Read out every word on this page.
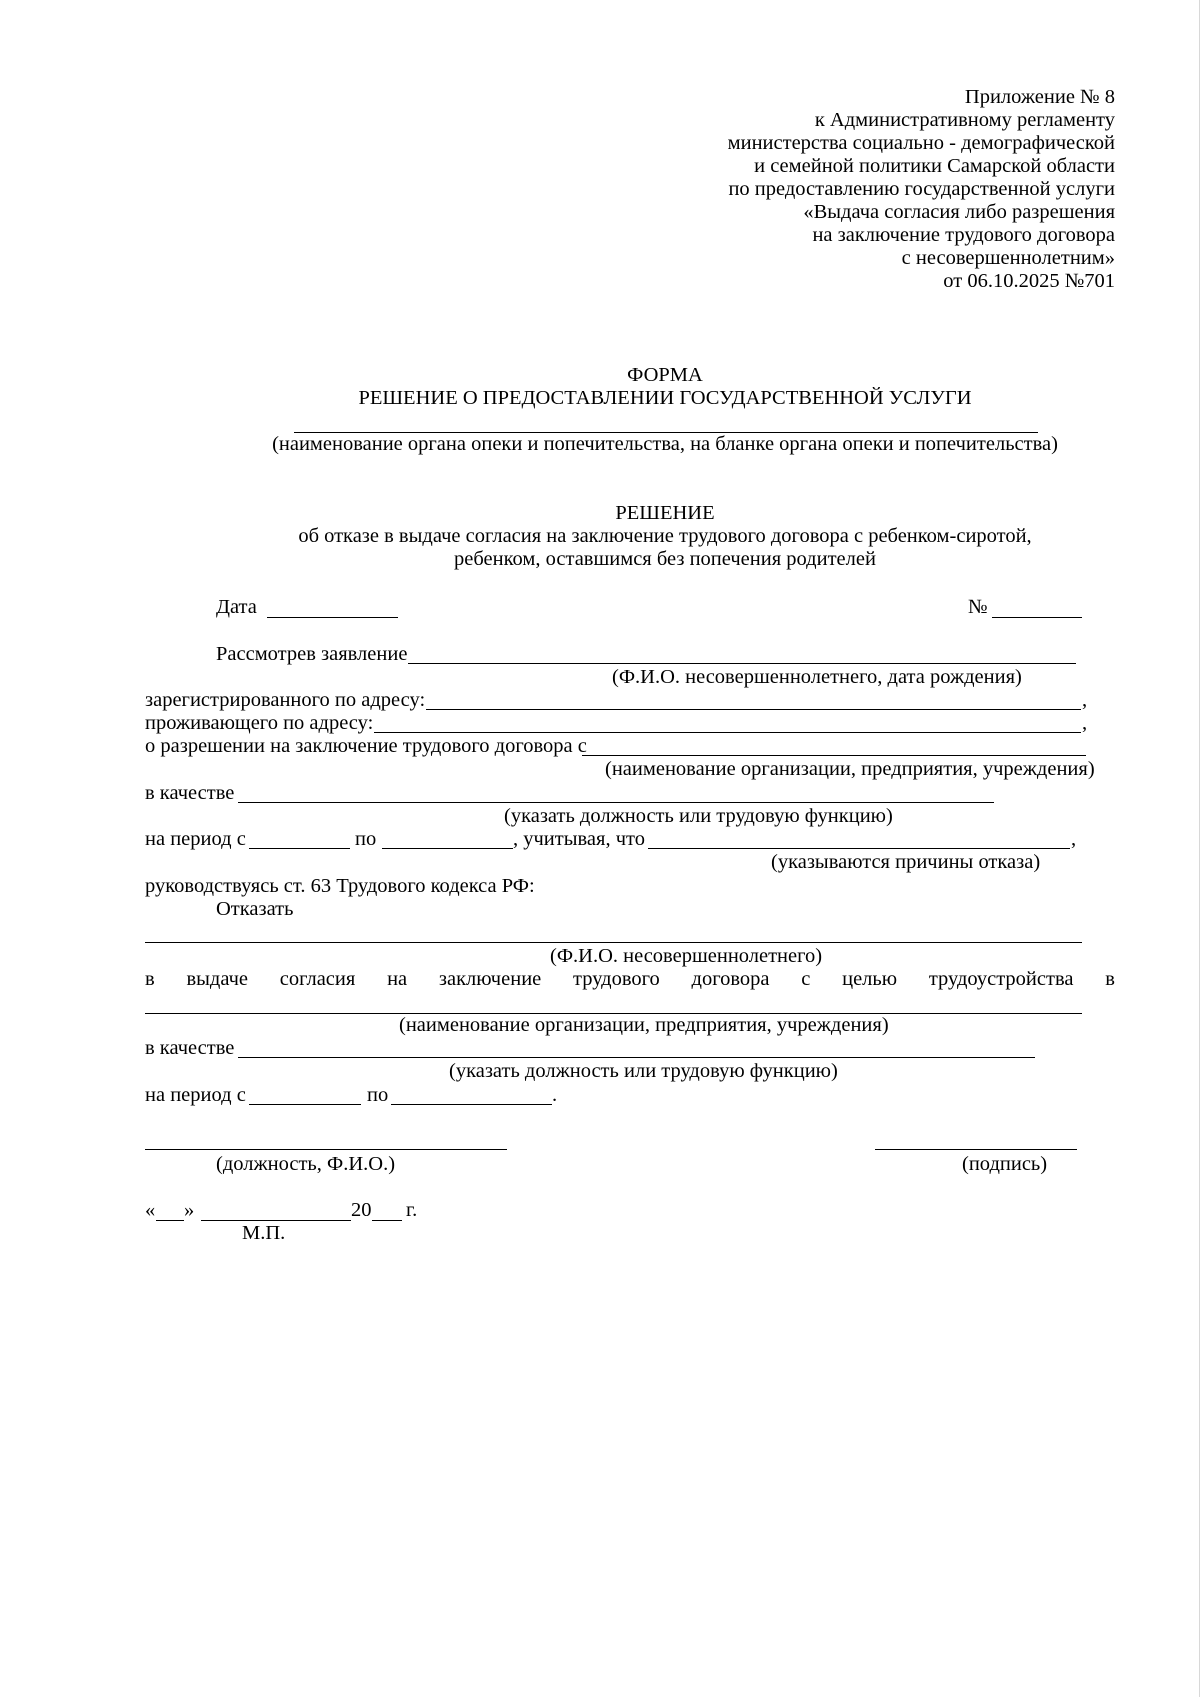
Приложение № 8
к Административному регламенту
министерства социально - демографической
и семейной политики Самарской области
по предоставлению государственной услуги
«Выдача согласия либо разрешения
на заключение трудового договора
с несовершеннолетним»
от 06.10.2025 №701
ФОРМА
РЕШЕНИЕ О ПРЕДОСТАВЛЕНИИ ГОСУДАРСТВЕННОЙ УСЛУГИ
(наименование органа опеки и попечительства, на бланке органа опеки и попечительства)
РЕШЕНИЕ
об отказе в выдаче согласия на заключение трудового договора с ребенком-сиротой,
ребенком, оставшимся без попечения родителей
Дата	№
Рассмотрев заявление
(Ф.И.О. несовершеннолетнего, дата рождения)
зарегистрированного по адресу:	,
проживающего по адресу:	,
о разрешении на заключение трудового договора с
(наименование организации, предприятия, учреждения)
в качестве
(указать должность или трудовую функцию)
на период с	по	, учитывая, что	,
(указываются причины отказа)
руководствуясь ст. 63 Трудового кодекса РФ:
Отказать
(Ф.И.О. несовершеннолетнего)
в выдаче согласия на заключение трудового договора с целью трудоустройства в
(наименование организации, предприятия, учреждения)
в качестве
(указать должность или трудовую функцию)
на период с	по	.
(должность, Ф.И.О.)	(подпись)
« »	20 г.
М.П.
